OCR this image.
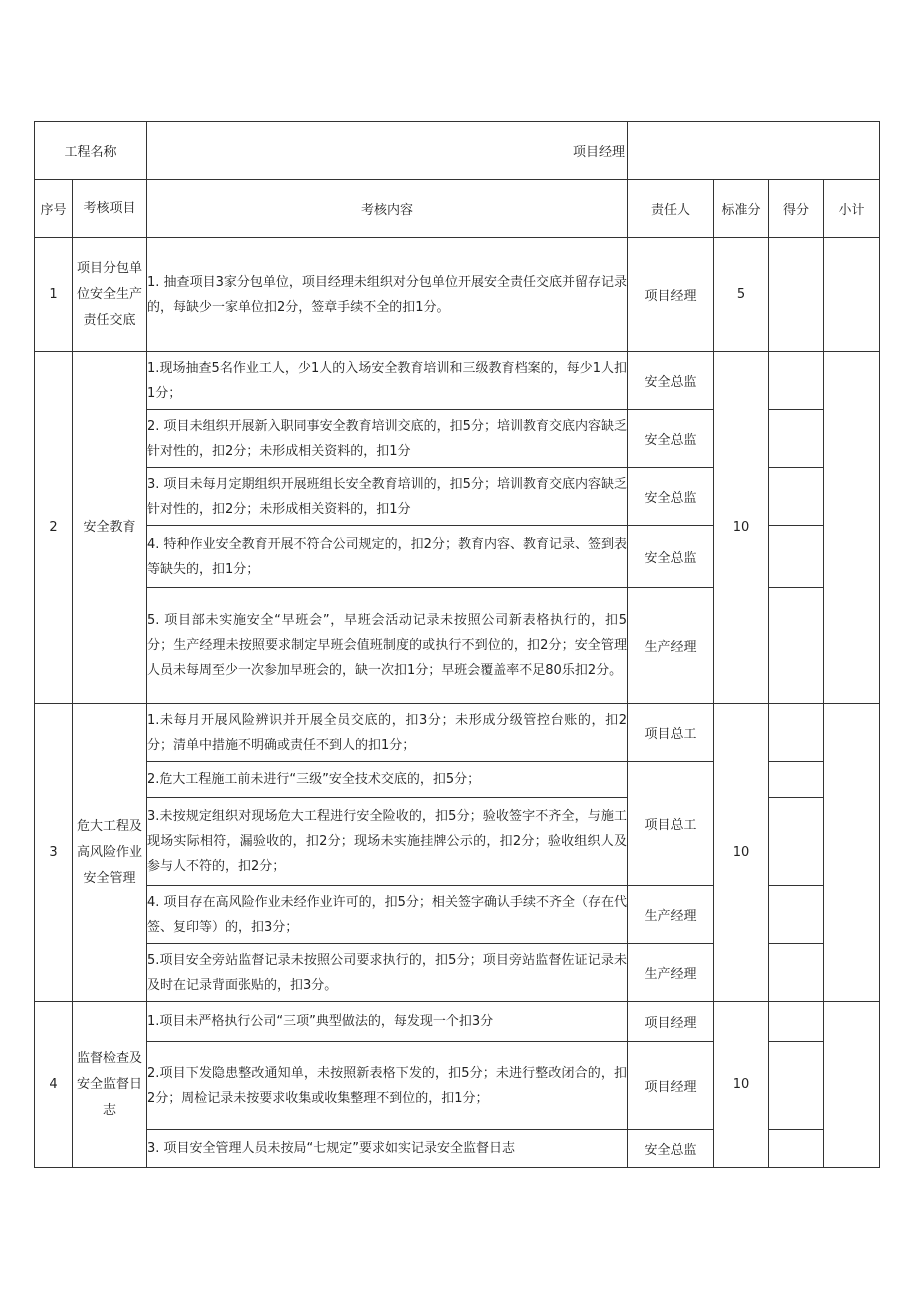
工程名称		项目经理				
序号	考核项目	考核内容	责任人	标准分	得分	小计
1	项目分包单位安全生产责任交底	1. 抽查项目3家分包单位，项目经理未组织对分包单位开展安全责任交底并留存记录的，每缺少一家单位扣2分，签章手续不全的扣1分。	项目经理	5		
2	安全教育	1.现场抽查5名作业工人，少1人的入场安全教育培训和三级教育档案的，每少1人扣1分；	安全总监	10		
		2. 项目未组织开展新入职同事安全教育培训交底的，扣5分；培训教育交底内容缺乏针对性的，扣2分；未形成相关资料的，扣1分	安全总监			
		3. 项目未每月定期组织开展班组长安全教育培训的，扣5分；培训教育交底内容缺乏针对性的，扣2分；未形成相关资料的，扣1分	安全总监			
		4. 特种作业安全教育开展不符合公司规定的，扣2分；教育内容、教育记录、签到表等缺失的，扣1分；	安全总监			
		5. 项目部未实施安全“早班会”，早班会活动记录未按照公司新表格执行的，扣5分；生产经理未按照要求制定早班会值班制度的或执行不到位的，扣2分；安全管理人员未每周至少一次参加早班会的，缺一次扣1分；早班会覆盖率不足80乐扣2分。	生产经理			
3	危大工程及高风险作业安全管理	1.未每月开展风险辨识并开展全员交底的，扣3分；未形成分级管控台账的，扣2分；清单中措施不明确或责任不到人的扣1分；	项目总工	10		
		2.危大工程施工前未进行“三级”安全技术交底的，扣5分；	项目总工			
		3.未按规定组织对现场危大工程进行安全险收的，扣5分；验收签字不齐全，与施工现场实际相符，漏验收的，扣2分；现场未实施挂牌公示的，扣2分；验收组织人及参与人不符的，扣2分；				
		4. 项目存在高风险作业未经作业许可的，扣5分；相关签字确认手续不齐全（存在代签、复印等）的，扣3分；	生产经理			
		5.项目安全旁站监督记录未按照公司要求执行的，扣5分；项目旁站监督佐证记录未及时在记录背面张贴的，扣3分。	生产经理			
4	监督检查及安全监督日志	1.项目未严格执行公司“三项”典型做法的，每发现一个扣3分	项目经理	10		
		2.项目下发隐患整改通知单，未按照新表格下发的，扣5分；未进行整改闭合的，扣2分；周检记录未按要求收集或收集整理不到位的，扣1分；	项目经理			
		3. 项目安全管理人员未按局“七规定”要求如实记录安全监督日志	安全总监			
